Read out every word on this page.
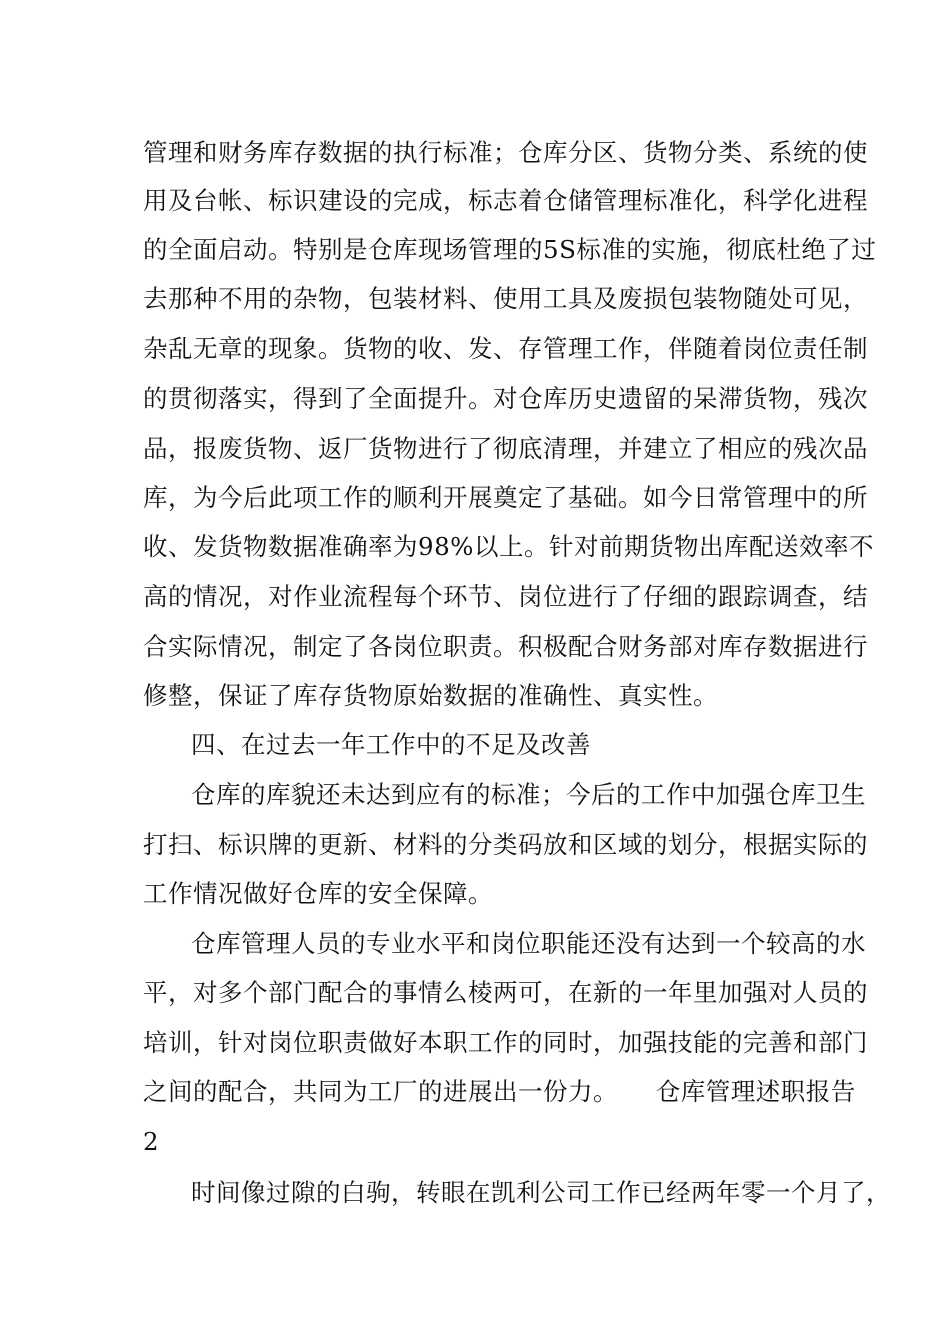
管理和财务库存数据的执行标准；仓库分区、货物分类、系统的使
用及台帐、标识建设的完成，标志着仓储管理标准化，科学化进程
的全面启动。特别是仓库现场管理的5S标准的实施，彻底杜绝了过
去那种不用的杂物，包装材料、使用工具及废损包装物随处可见，
杂乱无章的现象。货物的收、发、存管理工作，伴随着岗位责任制
的贯彻落实，得到了全面提升。对仓库历史遗留的呆滞货物，残次
品，报废货物、返厂货物进行了彻底清理，并建立了相应的残次品
库，为今后此项工作的顺利开展奠定了基础。如今日常管理中的所
收、发货物数据准确率为98%以上。针对前期货物出库配送效率不
高的情况，对作业流程每个环节、岗位进行了仔细的跟踪调查，结
合实际情况，制定了各岗位职责。积极配合财务部对库存数据进行
修整，保证了库存货物原始数据的准确性、真实性。
四、在过去一年工作中的不足及改善
仓库的库貌还未达到应有的标准；今后的工作中加强仓库卫生
打扫、标识牌的更新、材料的分类码放和区域的划分，根据实际的
工作情况做好仓库的安全保障。
仓库管理人员的专业水平和岗位职能还没有达到一个较高的水
平，对多个部门配合的事情么棱两可，在新的一年里加强对人员的
培训，针对岗位职责做好本职工作的同时，加强技能的完善和部门
之间的配合，共同为工厂的进展出一份力。　　仓库管理述职报告
2
时间像过隙的白驹，转眼在凯利公司工作已经两年零一个月了，
